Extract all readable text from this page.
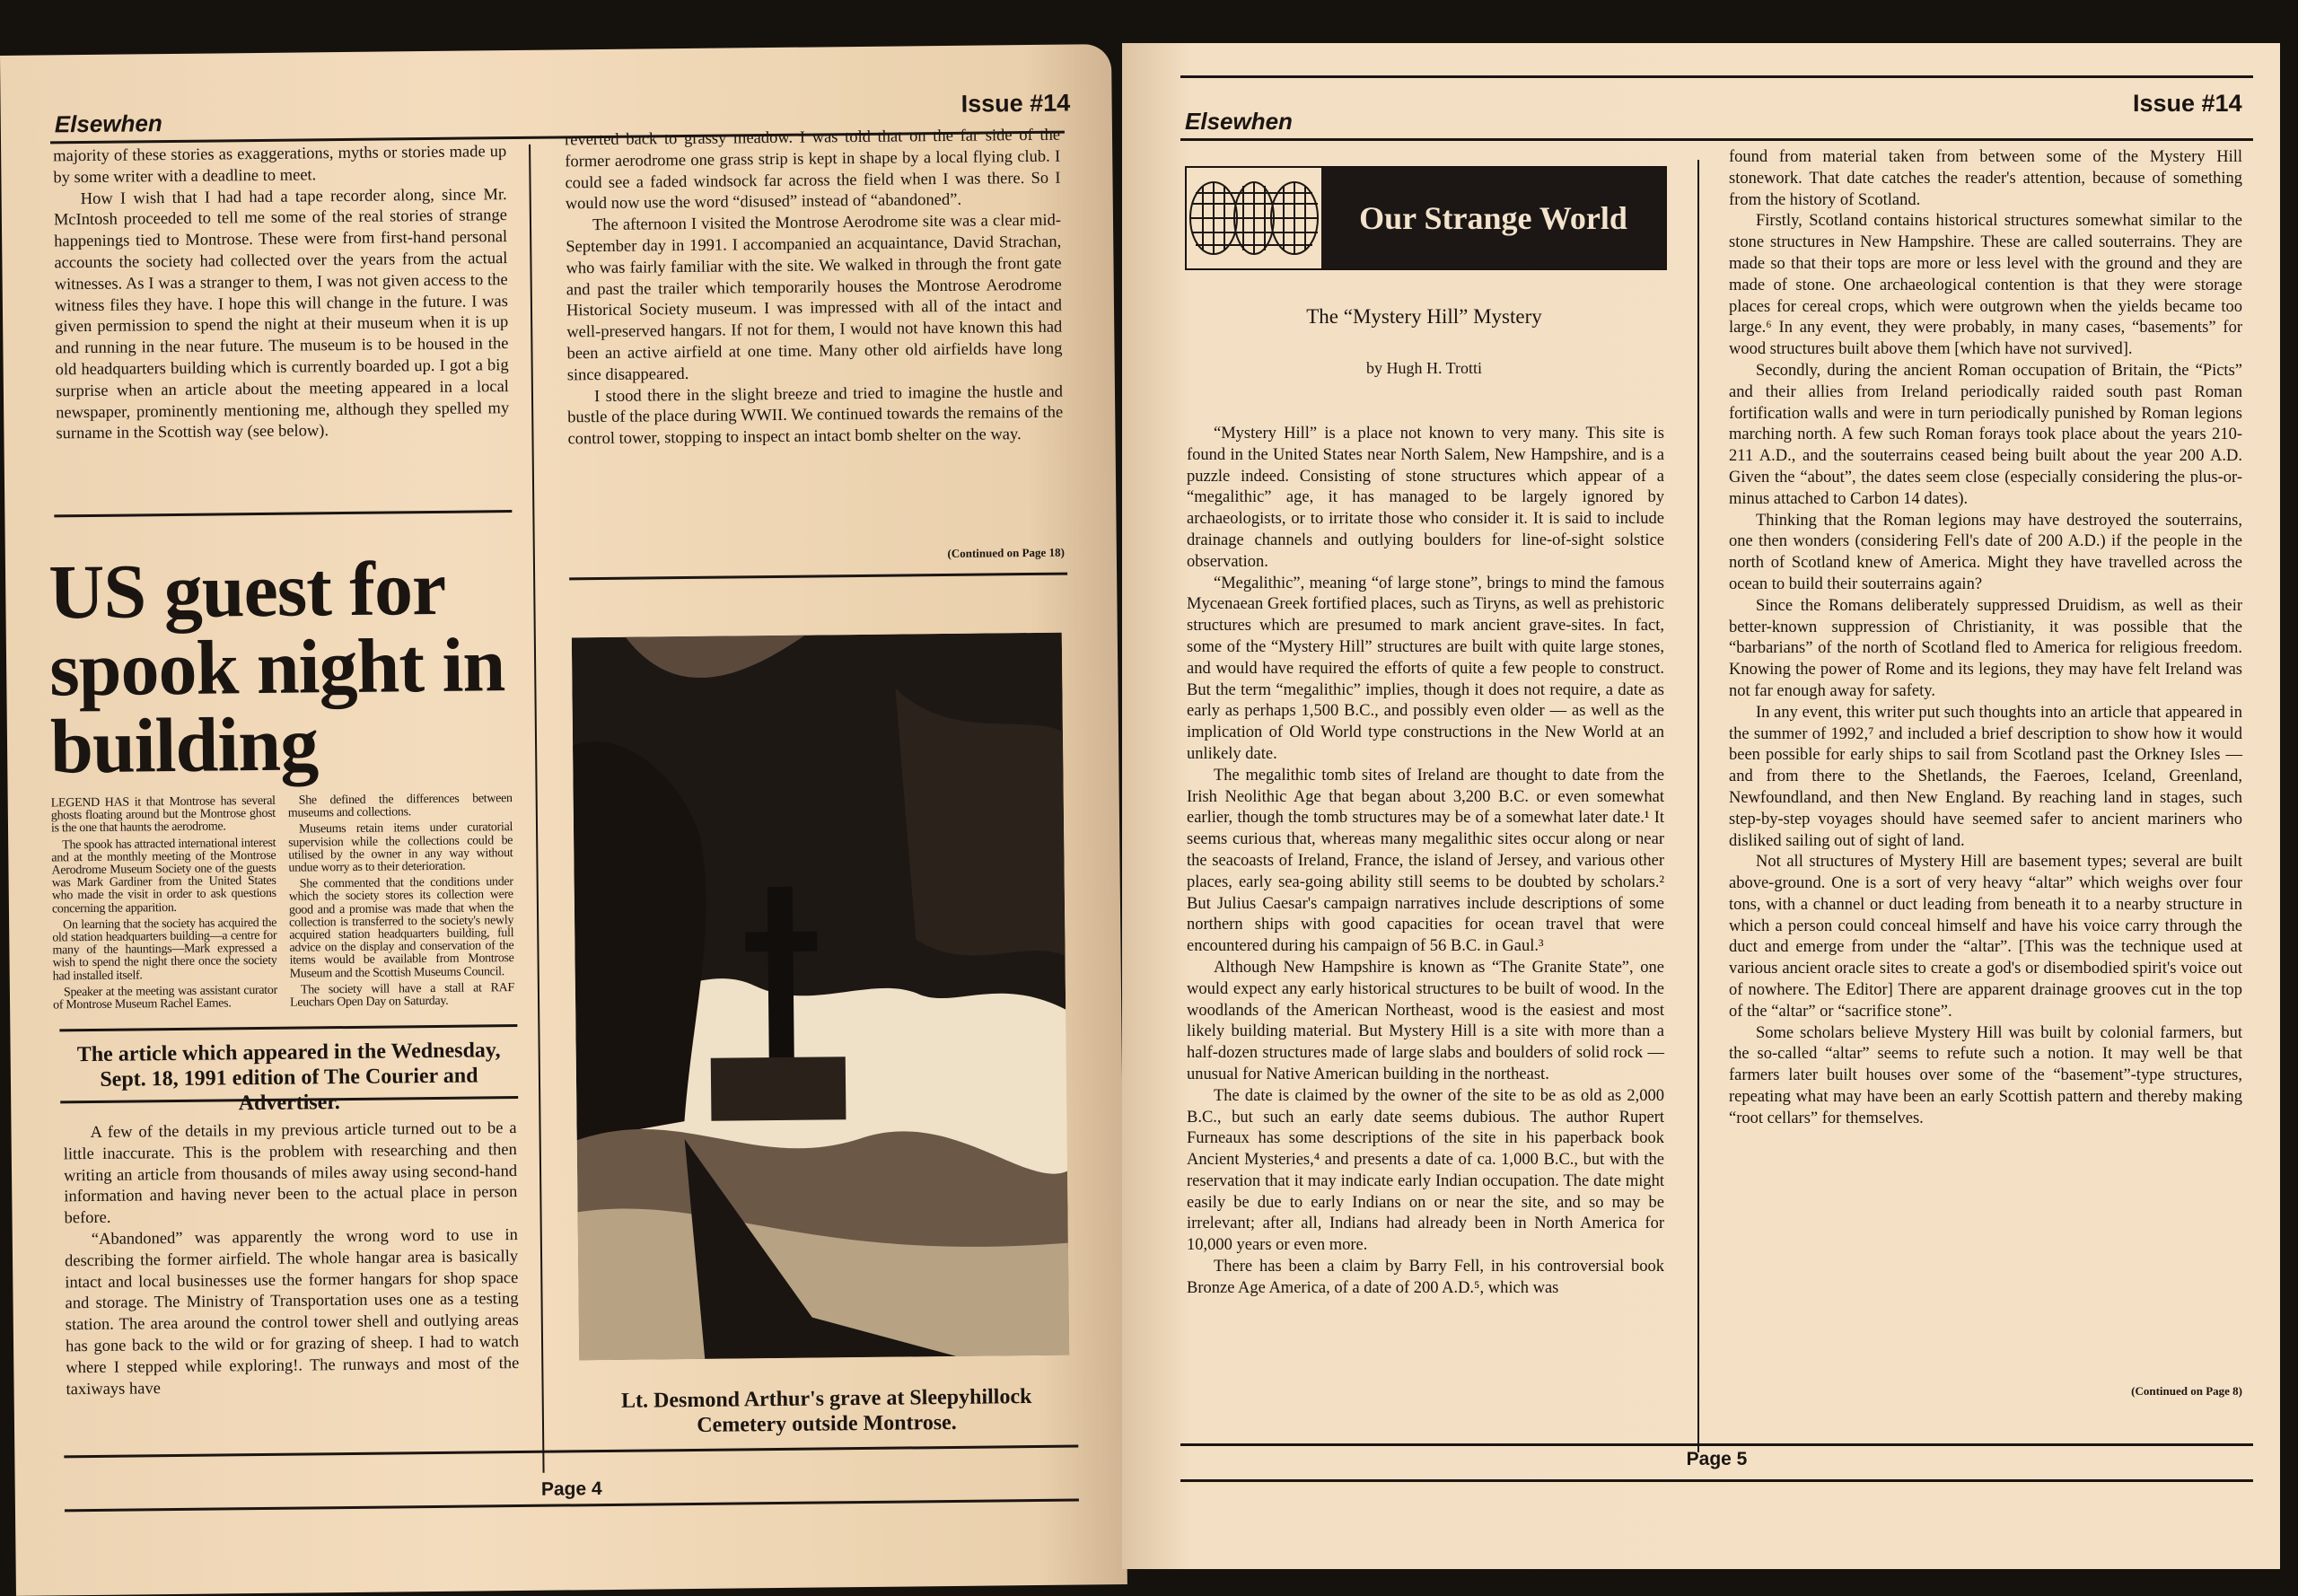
Elsewhen
Issue #14

majority of these stories as exaggerations, myths or stories made up by some writer with a deadline to meet.

How I wish that I had had a tape recorder along, since Mr. McIntosh proceeded to tell me some of the real stories of strange happenings tied to Montrose. These were from first-hand personal accounts the society had collected over the years from the actual witnesses. As I was a stranger to them, I was not given access to the witness files they have. I hope this will change in the future. I was given permission to spend the night at their museum when it is up and running in the near future. The museum is to be housed in the old headquarters building which is currently boarded up. I got a big surprise when an article about the meeting appeared in a local newspaper, prominently mentioning me, although they spelled my surname in the Scottish way (see below).

US guest for spook night in building

LEGEND HAS it that Montrose has several ghosts floating around but the Montrose ghost is the one that haunts the aerodrome.

The spook has attracted international interest and at the monthly meeting of the Montrose Aerodrome Museum Society one of the guests was Mark Gardiner from the United States who made the visit in order to ask questions concerning the apparition.

On learning that the society has acquired the old station headquarters building—a centre for many of the hauntings—Mark expressed a wish to spend the night there once the society had installed itself.

Speaker at the meeting was assistant curator of Montrose Museum Rachel Eames.

She defined the differences between museums and collections.

Museums retain items under curatorial supervision while the collections could be utilised by the owner in any way without undue worry as to their deterioration.

She commented that the conditions under which the society stores its collection were good and a promise was made that when the collection is transferred to the society's newly acquired station headquarters building, full advice on the display and conservation of the items would be available from Montrose Museum and the Scottish Museums Council.

The society will have a stall at RAF Leuchars Open Day on Saturday.

The article which appeared in the Wednesday, Sept. 18, 1991 edition of The Courier and Advertiser.

A few of the details in my previous article turned out to be a little inaccurate. This is the problem with researching and then writing an article from thousands of miles away using second-hand information and having never been to the actual place in person before.

“Abandoned” was apparently the wrong word to use in describing the former airfield. The whole hangar area is basically intact and local businesses use the former hangars for shop space and storage. The Ministry of Transportation uses one as a testing station. The area around the control tower shell and outlying areas has gone back to the wild or for grazing of sheep. I had to watch where I stepped while exploring!. The runways and most of the taxiways have

reverted back to grassy meadow. I was told that on the far side of the former aerodrome one grass strip is kept in shape by a local flying club. I could see a faded windsock far across the field when I was there. So I would now use the word “disused” instead of “abandoned”.

The afternoon I visited the Montrose Aerodrome site was a clear mid-September day in 1991. I accompanied an acquaintance, David Strachan, who was fairly familiar with the site. We walked in through the front gate and past the trailer which temporarily houses the Montrose Aerodrome Historical Society museum. I was impressed with all of the intact and well-preserved hangars. If not for them, I would not have known this had been an active airfield at one time. Many other old airfields have long since disappeared.

I stood there in the slight breeze and tried to imagine the hustle and bustle of the place during WWII. We continued towards the remains of the control tower, stopping to inspect an intact bomb shelter on the way.

(Continued on Page 18)
Lt. Desmond Arthur's grave at Sleepyhillock Cemetery outside Montrose.
Page 4
Elsewhen
Issue #14
Our Strange World
The “Mystery Hill” Mystery
by Hugh H. Trotti

“Mystery Hill” is a place not known to very many. This site is found in the United States near North Salem, New Hampshire, and is a puzzle indeed. Consisting of stone structures which appear of a “megalithic” age, it has managed to be largely ignored by archaeologists, or to irritate those who consider it. It is said to include drainage channels and outlying boulders for line-of-sight solstice observation.

“Megalithic”, meaning “of large stone”, brings to mind the famous Mycenaean Greek fortified places, such as Tiryns, as well as prehistoric structures which are presumed to mark ancient grave-sites. In fact, some of the “Mystery Hill” structures are built with quite large stones, and would have required the efforts of quite a few people to construct. But the term “megalithic” implies, though it does not require, a date as early as perhaps 1,500 B.C., and possibly even older — as well as the implication of Old World type constructions in the New World at an unlikely date.

The megalithic tomb sites of Ireland are thought to date from the Irish Neolithic Age that began about 3,200 B.C. or even somewhat earlier, though the tomb structures may be of a somewhat later date.¹ It seems curious that, whereas many megalithic sites occur along or near the seacoasts of Ireland, France, the island of Jersey, and various other places, early sea-going ability still seems to be doubted by scholars.² But Julius Caesar's campaign narratives include descriptions of some northern ships with good capacities for ocean travel that were encountered during his campaign of 56 B.C. in Gaul.³

Although New Hampshire is known as “The Granite State”, one would expect any early historical structures to be built of wood. In the woodlands of the American Northeast, wood is the easiest and most likely building material. But Mystery Hill is a site with more than a half-dozen structures made of large slabs and boulders of solid rock — unusual for Native American building in the northeast.

The date is claimed by the owner of the site to be as old as 2,000 B.C., but such an early date seems dubious. The author Rupert Furneaux has some descriptions of the site in his paperback book Ancient Mysteries,⁴ and presents a date of ca. 1,000 B.C., but with the reservation that it may indicate early Indian occupation. The date might easily be due to early Indians on or near the site, and so may be irrelevant; after all, Indians had already been in North America for 10,000 years or even more.

There has been a claim by Barry Fell, in his controversial book Bronze Age America, of a date of 200 A.D.⁵, which was

found from material taken from between some of the Mystery Hill stonework. That date catches the reader's attention, because of something from the history of Scotland.

Firstly, Scotland contains historical structures somewhat similar to the stone structures in New Hampshire. These are called souterrains. They are made so that their tops are more or less level with the ground and they are made of stone. One archaeological contention is that they were storage places for cereal crops, which were outgrown when the yields became too large.⁶ In any event, they were probably, in many cases, “basements” for wood structures built above them [which have not survived].

Secondly, during the ancient Roman occupation of Britain, the “Picts” and their allies from Ireland periodically raided south past Roman fortification walls and were in turn periodically punished by Roman legions marching north. A few such Roman forays took place about the years 210-211 A.D., and the souterrains ceased being built about the year 200 A.D. Given the “about”, the dates seem close (especially considering the plus-or-minus attached to Carbon 14 dates).

Thinking that the Roman legions may have destroyed the souterrains, one then wonders (considering Fell's date of 200 A.D.) if the people in the north of Scotland knew of America. Might they have travelled across the ocean to build their souterrains again?

Since the Romans deliberately suppressed Druidism, as well as their better-known suppression of Christianity, it was possible that the “barbarians” of the north of Scotland fled to America for religious freedom. Knowing the power of Rome and its legions, they may have felt Ireland was not far enough away for safety.

In any event, this writer put such thoughts into an article that appeared in the summer of 1992,⁷ and included a brief description to show how it would been possible for early ships to sail from Scotland past the Orkney Isles — and from there to the Shetlands, the Faeroes, Iceland, Greenland, Newfoundland, and then New England. By reaching land in stages, such step-by-step voyages should have seemed safer to ancient mariners who disliked sailing out of sight of land.

Not all structures of Mystery Hill are basement types; several are built above-ground. One is a sort of very heavy “altar” which weighs over four tons, with a channel or duct leading from beneath it to a nearby structure in which a person could conceal himself and have his voice carry through the duct and emerge from under the “altar”. [This was the technique used at various ancient oracle sites to create a god's or disembodied spirit's voice out of nowhere. The Editor] There are apparent drainage grooves cut in the top of the “altar” or “sacrifice stone”.

Some scholars believe Mystery Hill was built by colonial farmers, but the so-called “altar” seems to refute such a notion. It may well be that farmers later built houses over some of the “basement”-type structures, repeating what may have been an early Scottish pattern and thereby making “root cellars” for themselves.

(Continued on Page 8)
Page 5
